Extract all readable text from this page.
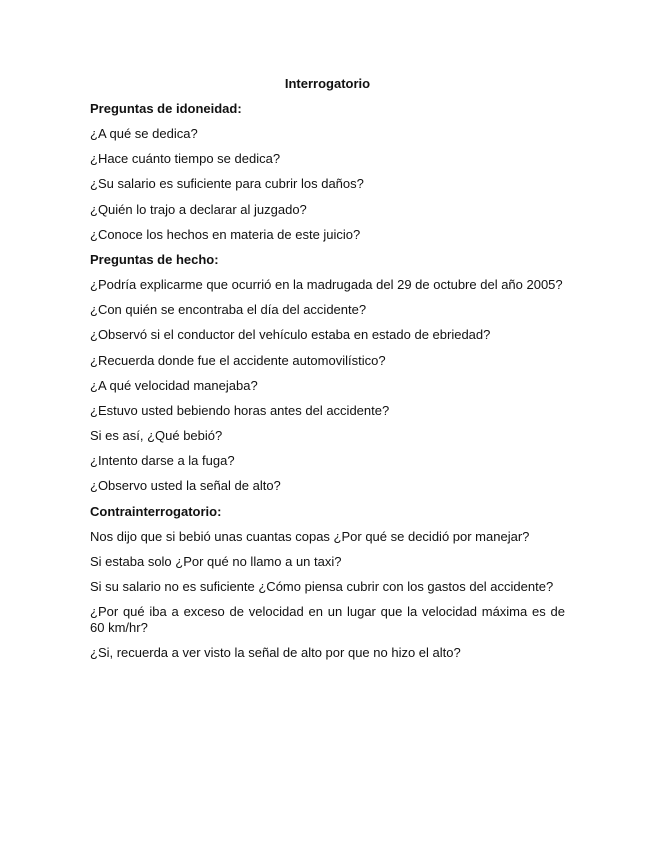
Interrogatorio
Preguntas de idoneidad:
¿A qué se dedica?
¿Hace cuánto tiempo se dedica?
¿Su salario es suficiente para cubrir los daños?
¿Quién lo trajo a declarar al juzgado?
¿Conoce los hechos en materia de este juicio?
Preguntas de hecho:
¿Podría explicarme que ocurrió en la madrugada del 29 de octubre del año 2005?
¿Con quién se encontraba el día del accidente?
¿Observó si el conductor del vehículo estaba en estado de ebriedad?
¿Recuerda donde fue el accidente automovilístico?
¿A qué velocidad manejaba?
¿Estuvo usted bebiendo horas antes del accidente?
Si es así, ¿Qué bebió?
¿Intento darse a la fuga?
¿Observo usted la señal de alto?
Contrainterrogatorio:
Nos dijo que si bebió unas cuantas copas ¿Por qué se decidió por manejar?
Si estaba solo ¿Por qué no llamo a un taxi?
Si su salario no es suficiente ¿Cómo piensa cubrir con los gastos del accidente?
¿Por qué iba a exceso de velocidad en un lugar que la velocidad máxima es de 60 km/hr?
¿Si, recuerda a ver visto la señal de alto por que no hizo el alto?
